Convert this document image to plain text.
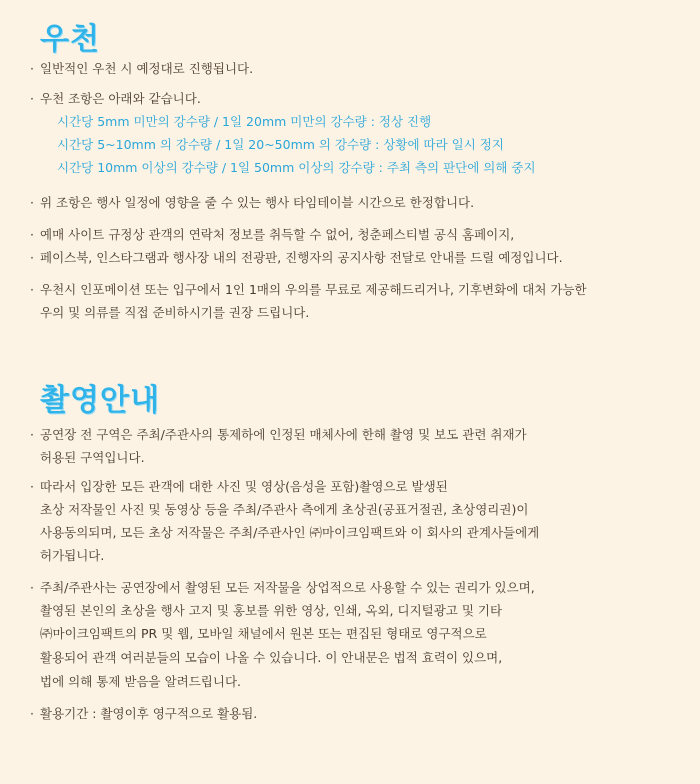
우천
· 일반적인 우천 시 예정대로 진행됩니다.
· 우천 조항은 아래와 같습니다.
시간당 5mm 미만의 강수량 / 1일 20mm 미만의 강수량 : 정상 진행
시간당 5~10mm 의 강수량 / 1일 20~50mm 의 강수량 : 상황에 따라 일시 정지
시간당 10mm 이상의 강수량 / 1일 50mm 이상의 강수량 : 주최 측의 판단에 의해 중지
· 위 조항은 행사 일정에 영향을 줄 수 있는 행사 타임테이블 시간으로 한정합니다.
· 예매 사이트 규정상 관객의 연락처 정보를 취득할 수 없어, 청춘페스티벌 공식 홈페이지,
· 페이스북, 인스타그램과 행사장 내의 전광판, 진행자의 공지사항 전달로 안내를 드릴 예정입니다.
· 우천시 인포메이션 또는 입구에서 1인 1매의 우의를 무료로 제공해드리거나, 기후변화에 대처 가능한
우의 및 의류를 직접 준비하시기를 권장 드립니다.
촬영안내
· 공연장 전 구역은 주최/주관사의 통제하에 인정된 매체사에 한해 촬영 및 보도 관련 취재가
허용된 구역입니다.
· 따라서 입장한 모든 관객에 대한 사진 및 영상(음성을 포함)촬영으로 발생된
초상 저작물인 사진 및 동영상 등을 주최/주관사 측에게 초상권(공표거절권, 초상영리권)이
사용동의되며, 모든 초상 저작물은 주최/주관사인 ㈜마이크임팩트와 이 회사의 관계사들에게
허가됩니다.
· 주최/주관사는 공연장에서 촬영된 모든 저작물을 상업적으로 사용할 수 있는 권리가 있으며,
촬영된 본인의 초상을 행사 고지 및 홍보를 위한 영상, 인쇄, 옥외, 디지털광고 및 기타
㈜마이크임팩트의 PR 및 웹, 모바일 채널에서 원본 또는 편집된 형태로 영구적으로
활용되어 관객 여러분들의 모습이 나올 수 있습니다. 이 안내문은 법적 효력이 있으며,
법에 의해 통제 받음을 알려드립니다.
· 활용기간 : 촬영이후 영구적으로 활용됨.
